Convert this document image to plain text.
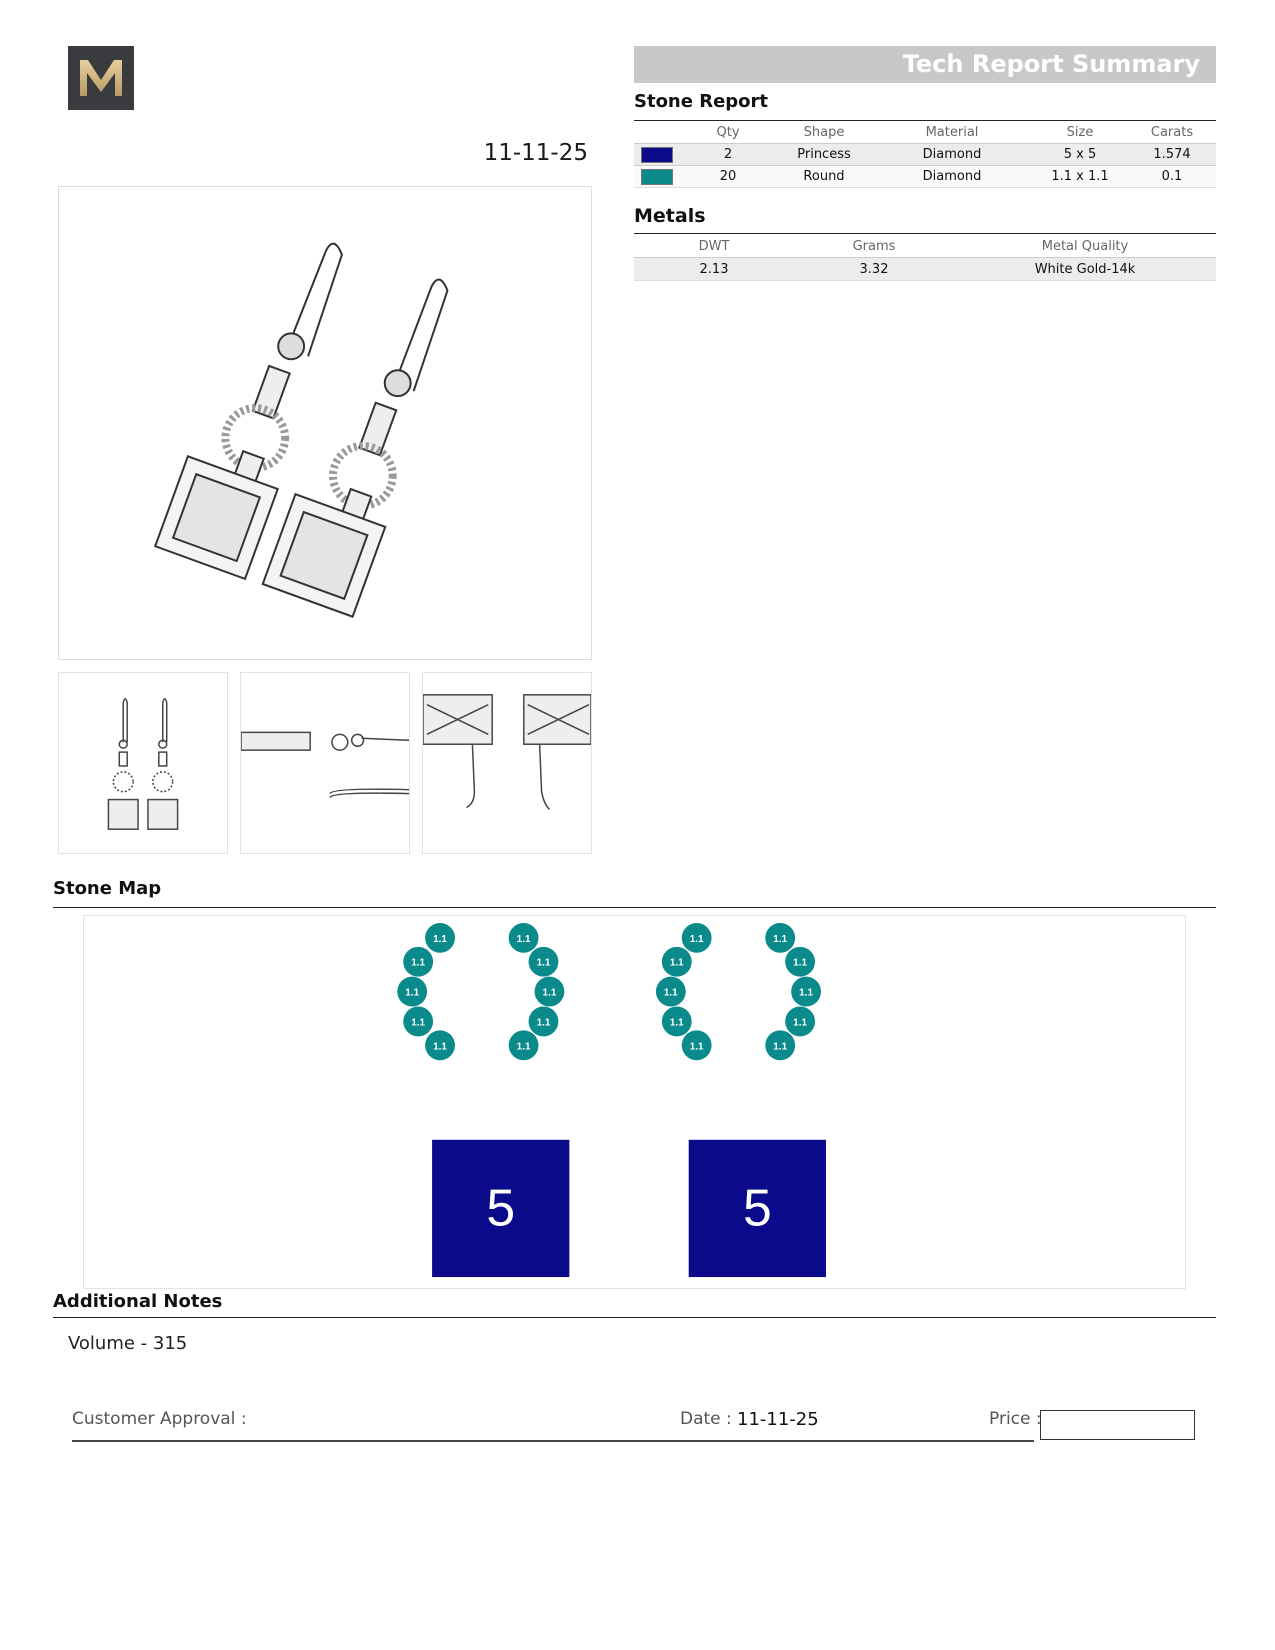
11-11-25
Tech Report Summary
Stone Report
	Qty	Shape	Material	Size	Carats
	2	Princess	Diamond	5 x 5	1.574
	20	Round	Diamond	1.1 x 1.1	0.1
Metals
DWT	Grams	Metal Quality
2.13	3.32	White Gold-14k
Stone Map
1.1
1.1
1.1
1.1
1.1
1.1
1.1
1.1
1.1
1.1
1.1
1.1
1.1
1.1
1.1
1.1
1.1
1.1
1.1
1.1
5	5
Additional Notes
Volume - 315
Customer Approval :	Date : 11-11-25	Price :
